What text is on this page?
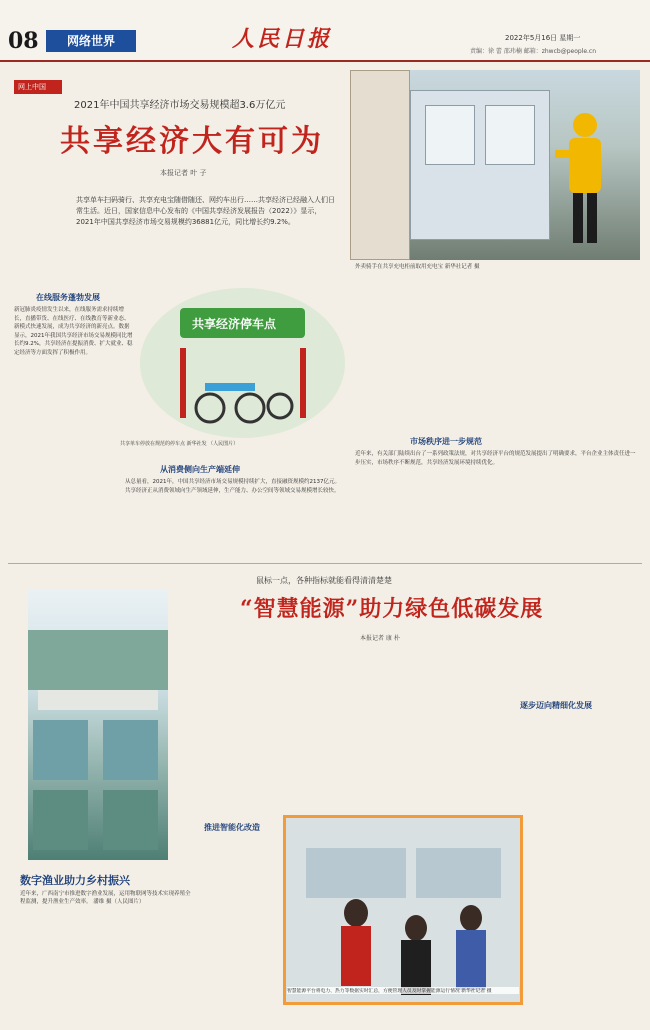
08	网络世界	人民日报	2022年5月16日 星期一
责编：徐 蕾 邵玮楠 邮箱：zhwcb@people.cn
网上中国
2021年中国共享经济市场交易规模超3.6万亿元
共享经济大有可为
本报记者 叶 子
共享单车扫码骑行、共享充电宝随借随还、网约车出行……共享经济已经融入人们日常生活。近日，国家信息中心发布的《中国共享经济发展报告（2022）》显示，2021年中国共享经济市场交易规模约36881亿元，同比增长约9.2%。
外卖骑手在共享充电柜前取用充电宝 新华社记者 摄
在线服务蓬勃发展
新冠肺炎疫情发生以来，在线服务需求持续增长，直播带货、在线医疗、在线教育等新业态、新模式快速发展，成为共享经济的新亮点。数据显示，2021年我国共享经济市场交易规模同比增长约9.2%，共享经济在提振消费、扩大就业、稳定经济等方面发挥了积极作用。
共享经济停车点
共享单车停放在规范的停车点 新华社发 （人民图片）
从消费侧向生产端延伸
从总量看，2021年，中国共享经济市场交易规模持续扩大，直接融资规模约2137亿元。共享经济正从消费领域向生产领域延伸，生产能力、办公空间等领域交易规模增长较快。
市场秩序进一步规范
近年来，有关部门陆续出台了一系列政策法规，对共享经济平台的规范发展提出了明确要求，平台企业主体责任进一步压实，市场秩序不断规范，共享经济发展环境持续优化。
鼠标一点，各种指标就能看得清清楚楚
“智慧能源”助力绿色低碳发展
本报记者 康 朴
数字渔业助力乡村振兴
近年来，广西南宁市推进数字渔业发展，运用物联网等技术实现养殖全程监测，提升渔业生产效率。 潘维 摄（人民图片）
推进智能化改造
逐步迈向精细化发展
智慧能源平台将电力、热力等数据实时汇总，方便管理人员及时掌握能源运行情况 新华社记者 摄
